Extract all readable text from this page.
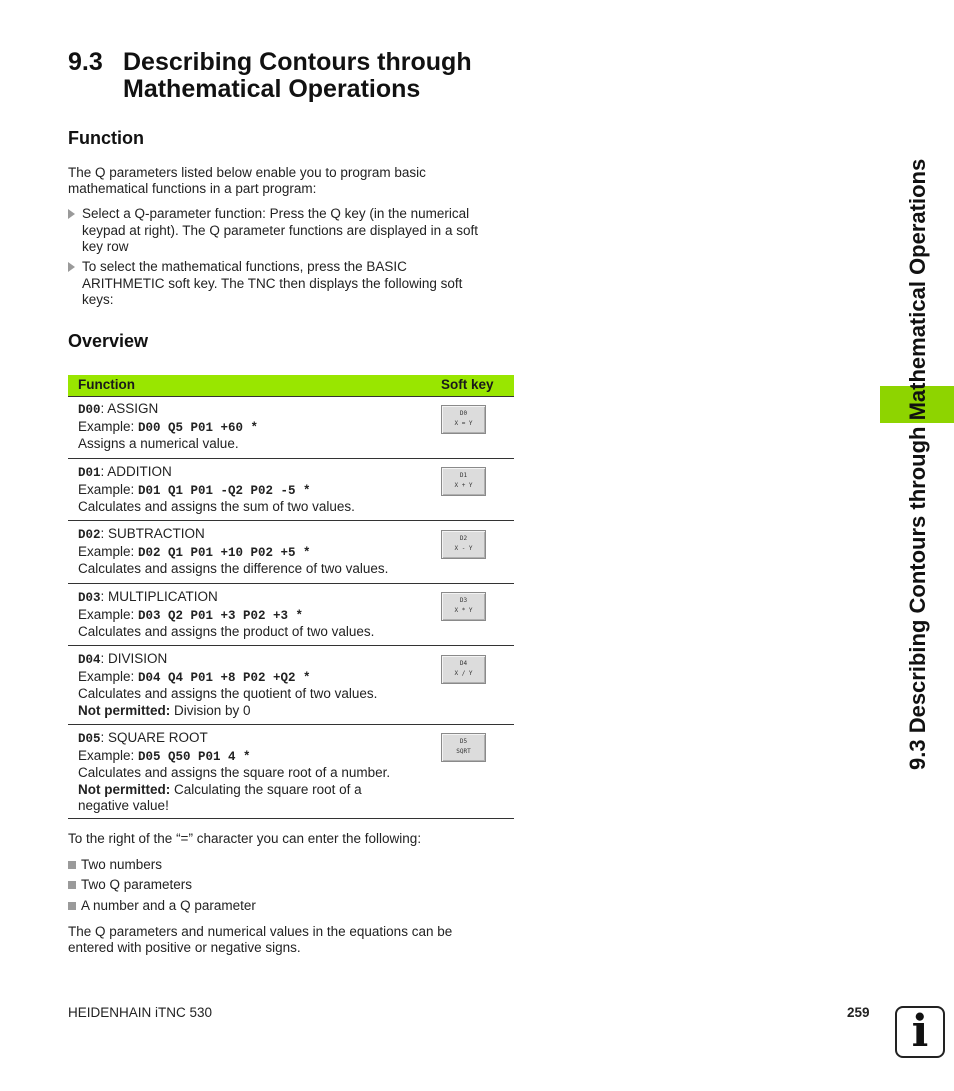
9.3 Describing Contours through
Mathematical Operations
Function
The Q parameters listed below enable you to program basic
mathematical functions in a part program:
Select a Q-parameter function: Press the Q key (in the numerical
keypad at right). The Q parameter functions are displayed in a soft
key row
To select the mathematical functions, press the BASIC
ARITHMETIC soft key. The TNC then displays the following soft
keys:
Overview
Function	Soft key
D00: ASSIGN
Example: D00 Q5 P01 +60 *
Assigns a numerical value.
D0
X = Y
D01: ADDITION
Example: D01 Q1 P01 -Q2 P02 -5 *
Calculates and assigns the sum of two values.
D1
X + Y
D02: SUBTRACTION
Example: D02 Q1 P01 +10 P02 +5 *
Calculates and assigns the difference of two values.
D2
X - Y
D03: MULTIPLICATION
Example: D03 Q2 P01 +3 P02 +3 *
Calculates and assigns the product of two values.
D3
X * Y
D04: DIVISION
Example: D04 Q4 P01 +8 P02 +Q2 *
Calculates and assigns the quotient of two values.
Not permitted: Division by 0
D4
X / Y
D05: SQUARE ROOT
Example: D05 Q50 P01 4 *
Calculates and assigns the square root of a number.
Not permitted: Calculating the square root of a
negative value!
D5
SQRT
To the right of the “=” character you can enter the following:
Two numbers
Two Q parameters
A number and a Q parameter
The Q parameters and numerical values in the equations can be
entered with positive or negative signs.
9.3 Describing Contours through Mathematical Operations
HEIDENHAIN iTNC 530	259 i
